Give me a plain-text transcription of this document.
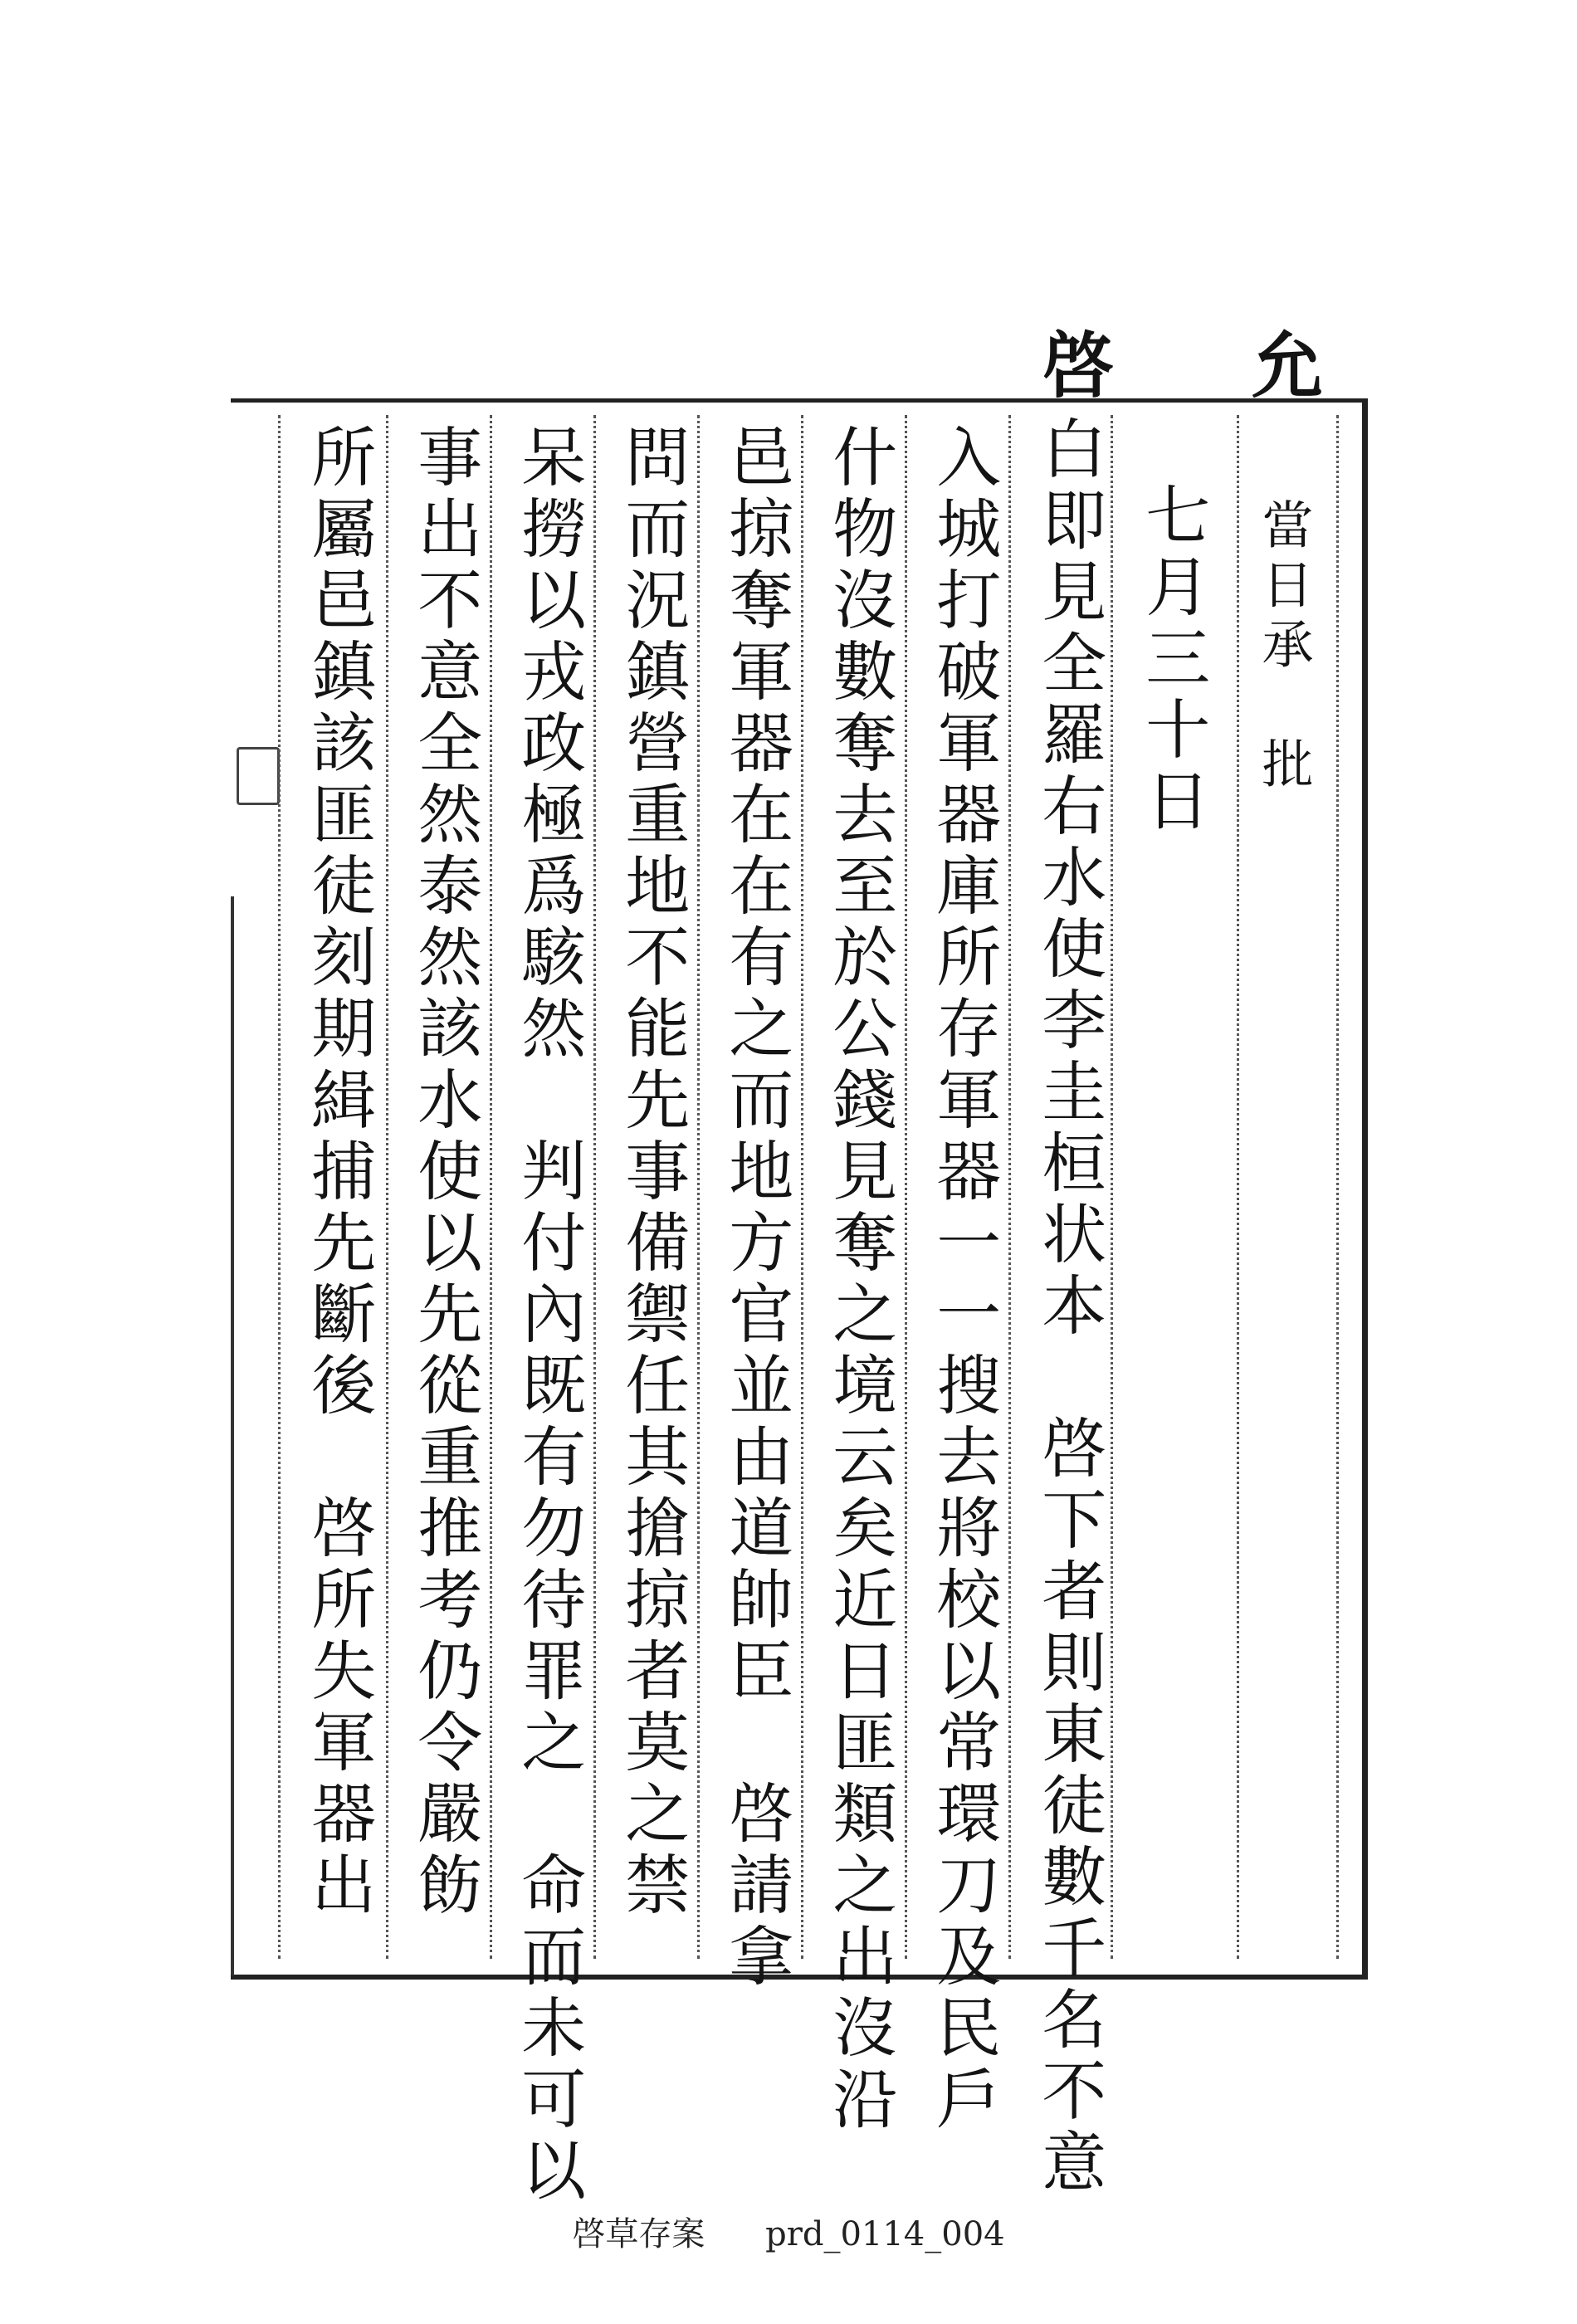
允
啓
當日承　批
七月三十日
白即見全羅右水使李圭桓状本　啓下者則東徒數千名不意
入城打破軍器庫所存軍器一一搜去將校以常環刀及民戶
什物沒數奪去至於公錢見奪之境云矣近日匪類之出沒沿
邑掠奪軍器在在有之而地方官並由道帥臣　啓請拿
問而況鎮營重地不能先事備禦任其搶掠者莫之禁
呆撈以戎政極爲駭然　判付內既有勿待罪之　命而未可以
事出不意全然泰然該水使以先從重推考仍令嚴飭
所屬邑鎮該匪徒刻期緝捕先斷後　啓所失軍器出
啓草存案 prd_0114_004
